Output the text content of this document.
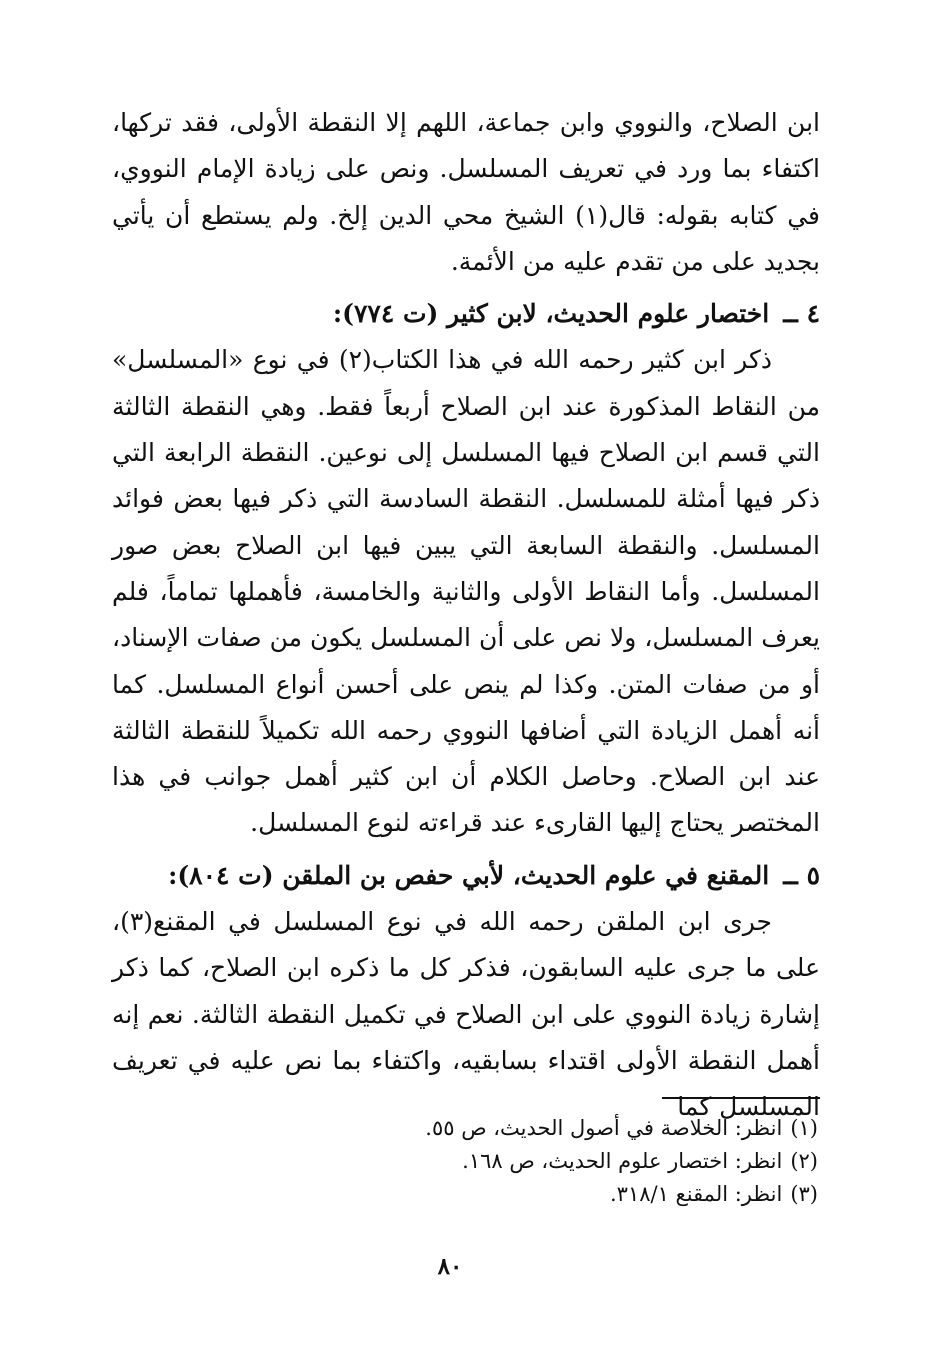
ابن الصلاح، والنووي وابن جماعة، اللهم إلا النقطة الأولى، فقد تركها، اكتفاء بما ورد في تعريف المسلسل. ونص على زيادة الإمام النووي، في كتابه بقوله: قال(١) الشيخ محي الدين إلخ. ولم يستطع أن يأتي بجديد على من تقدم عليه من الأئمة.

٤ ــاختصار علوم الحديث، لابن كثير (ت ٧٧٤):

ذكر ابن كثير رحمه الله في هذا الكتاب(٢) في نوع «المسلسل» من النقاط المذكورة عند ابن الصلاح أربعاً فقط. وهي النقطة الثالثة التي قسم ابن الصلاح فيها المسلسل إلى نوعين. النقطة الرابعة التي ذكر فيها أمثلة للمسلسل. النقطة السادسة التي ذكر فيها بعض فوائد المسلسل. والنقطة السابعة التي يبين فيها ابن الصلاح بعض صور المسلسل. وأما النقاط الأولى والثانية والخامسة، فأهملها تماماً، فلم يعرف المسلسل، ولا نص على أن المسلسل يكون من صفات الإسناد، أو من صفات المتن. وكذا لم ينص على أحسن أنواع المسلسل. كما أنه أهمل الزيادة التي أضافها النووي رحمه الله تكميلاً للنقطة الثالثة عند ابن الصلاح. وحاصل الكلام أن ابن كثير أهمل جوانب في هذا المختصر يحتاج إليها القارىء عند قراءته لنوع المسلسل.

٥ ــالمقنع في علوم الحديث، لأبي حفص بن الملقن (ت ٨٠٤):

جرى ابن الملقن رحمه الله في نوع المسلسل في المقنع(٣)، على ما جرى عليه السابقون، فذكر كل ما ذكره ابن الصلاح، كما ذكر إشارة زيادة النووي على ابن الصلاح في تكميل النقطة الثالثة. نعم إنه أهمل النقطة الأولى اقتداء بسابقيه، واكتفاء بما نص عليه في تعريف المسلسل كما

(١)انظر: الخلاصة في أصول الحديث، ص ٥٥.

(٢)انظر: اختصار علوم الحديث، ص ١٦٨.

(٣)انظر: المقنع ٣١٨/١.

٨٠
